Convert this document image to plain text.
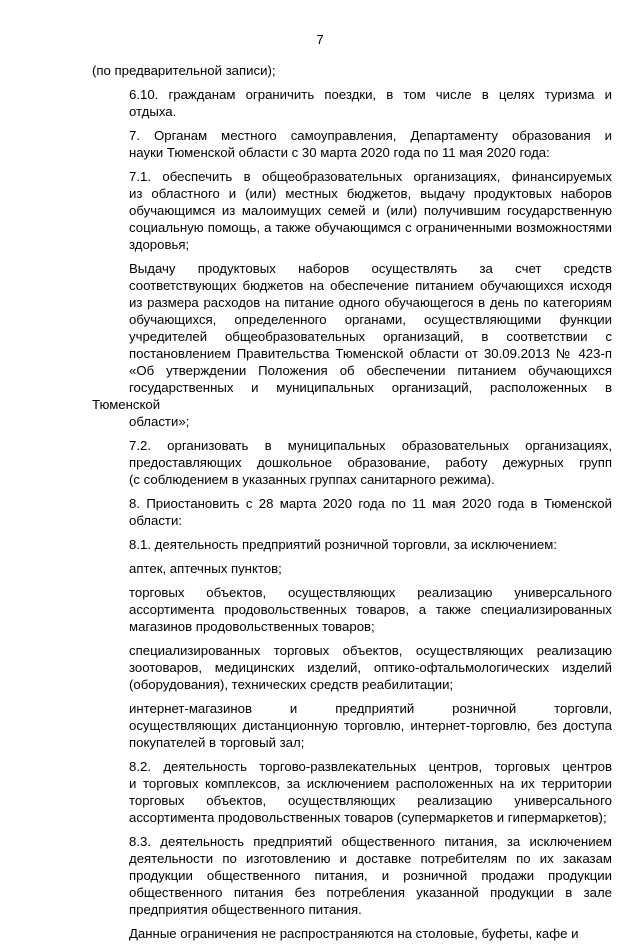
7
(по предварительной записи);
6.10. гражданам ограничить поездки, в том числе в целях туризма и
отдыха.
7. Органам местного самоуправления, Департаменту образования и
науки Тюменской области с 30 марта 2020 года по 11 мая 2020 года:
7.1. обеспечить в общеобразовательных организациях, финансируемых
из областного и (или) местных бюджетов, выдачу продуктовых наборов
обучающимся из малоимущих семей и (или) получившим государственную
социальную помощь, а также обучающимся с ограниченными возможностями
здоровья;
Выдачу продуктовых наборов осуществлять за счет средств
соответствующих бюджетов на обеспечение питанием обучающихся исходя
из размера расходов на питание одного обучающегося в день по категориям
обучающихся, определенного органами, осуществляющими функции
учредителей общеобразовательных организаций, в соответствии с
постановлением Правительства Тюменской области от 30.09.2013 № 423-п
«Об утверждении Положения об обеспечении питанием обучающихся
государственных и муниципальных организаций, расположенных в Тюменской
области»;
7.2. организовать в муниципальных образовательных организациях,
предоставляющих дошкольное образование, работу дежурных групп
(с соблюдением в указанных группах санитарного режима).
8. Приостановить с 28 марта 2020 года по 11 мая 2020 года в Тюменской
области:
8.1. деятельность предприятий розничной торговли, за исключением:
аптек, аптечных пунктов;
торговых объектов, осуществляющих реализацию универсального
ассортимента продовольственных товаров, а также специализированных
магазинов продовольственных товаров;
специализированных торговых объектов, осуществляющих реализацию
зоотоваров, медицинских изделий, оптико-офтальмологических изделий
(оборудования), технических средств реабилитации;
интернет-магазинов и предприятий розничной торговли,
осуществляющих дистанционную торговлю, интернет-торговлю, без доступа
покупателей в торговый зал;
8.2. деятельность торгово-развлекательных центров, торговых центров
и торговых комплексов, за исключением расположенных на их территории
торговых объектов, осуществляющих реализацию универсального
ассортимента продовольственных товаров (супермаркетов и гипермаркетов);
8.3. деятельность предприятий общественного питания, за исключением
деятельности по изготовлению и доставке потребителям по их заказам
продукции общественного питания, и розничной продажи продукции
общественного питания без потребления указанной продукции в зале
предприятия общественного питания.
Данные ограничения не распространяются на столовые, буфеты, кафе и
